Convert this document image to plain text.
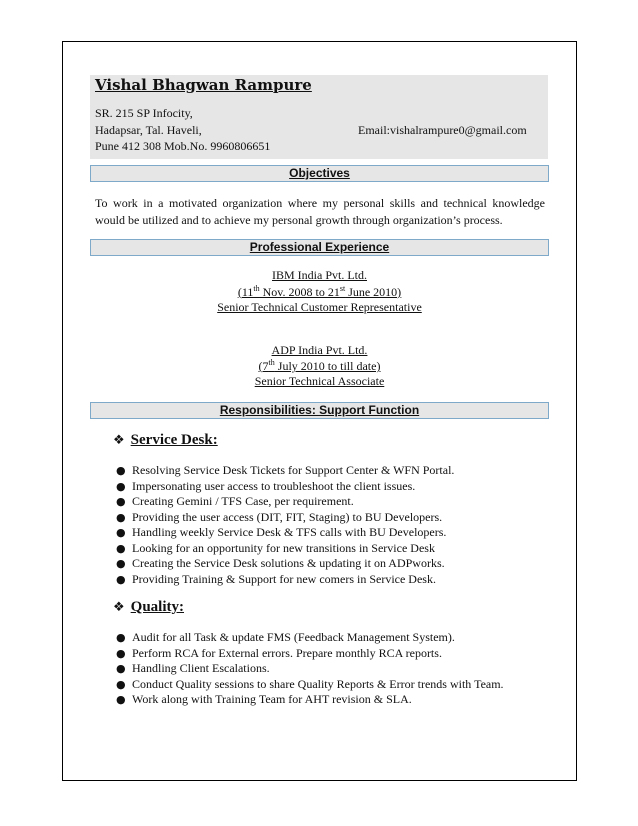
Vishal Bhagwan Rampure
SR. 215 SP Infocity,
Hadapsar, Tal. Haveli,
Pune 412 308 Mob.No. 9960806651
Email:vishalrampure0@gmail.com
Objectives
To work in a motivated organization where my personal skills and technical knowledge would be utilized and to achieve my personal growth through organization’s process.
Professional Experience
IBM India Pvt. Ltd.
(11th Nov. 2008 to 21st June 2010)
Senior Technical Customer Representative
ADP India Pvt. Ltd.
(7th July 2010 to till date)
Senior Technical Associate
Responsibilities: Support Function
❖ Service Desk:
● Resolving Service Desk Tickets for Support Center & WFN Portal.
● Impersonating user access to troubleshoot the client issues.
● Creating Gemini / TFS Case, per requirement.
● Providing the user access (DIT, FIT, Staging) to BU Developers.
● Handling weekly Service Desk & TFS calls with BU Developers.
● Looking for an opportunity for new transitions in Service Desk
● Creating the Service Desk solutions & updating it on ADPworks.
● Providing Training & Support for new comers in Service Desk.
❖ Quality:
● Audit for all Task & update FMS (Feedback Management System).
● Perform RCA for External errors. Prepare monthly RCA reports.
● Handling Client Escalations.
● Conduct Quality sessions to share Quality Reports & Error trends with Team.
● Work along with Training Team for AHT revision & SLA.
